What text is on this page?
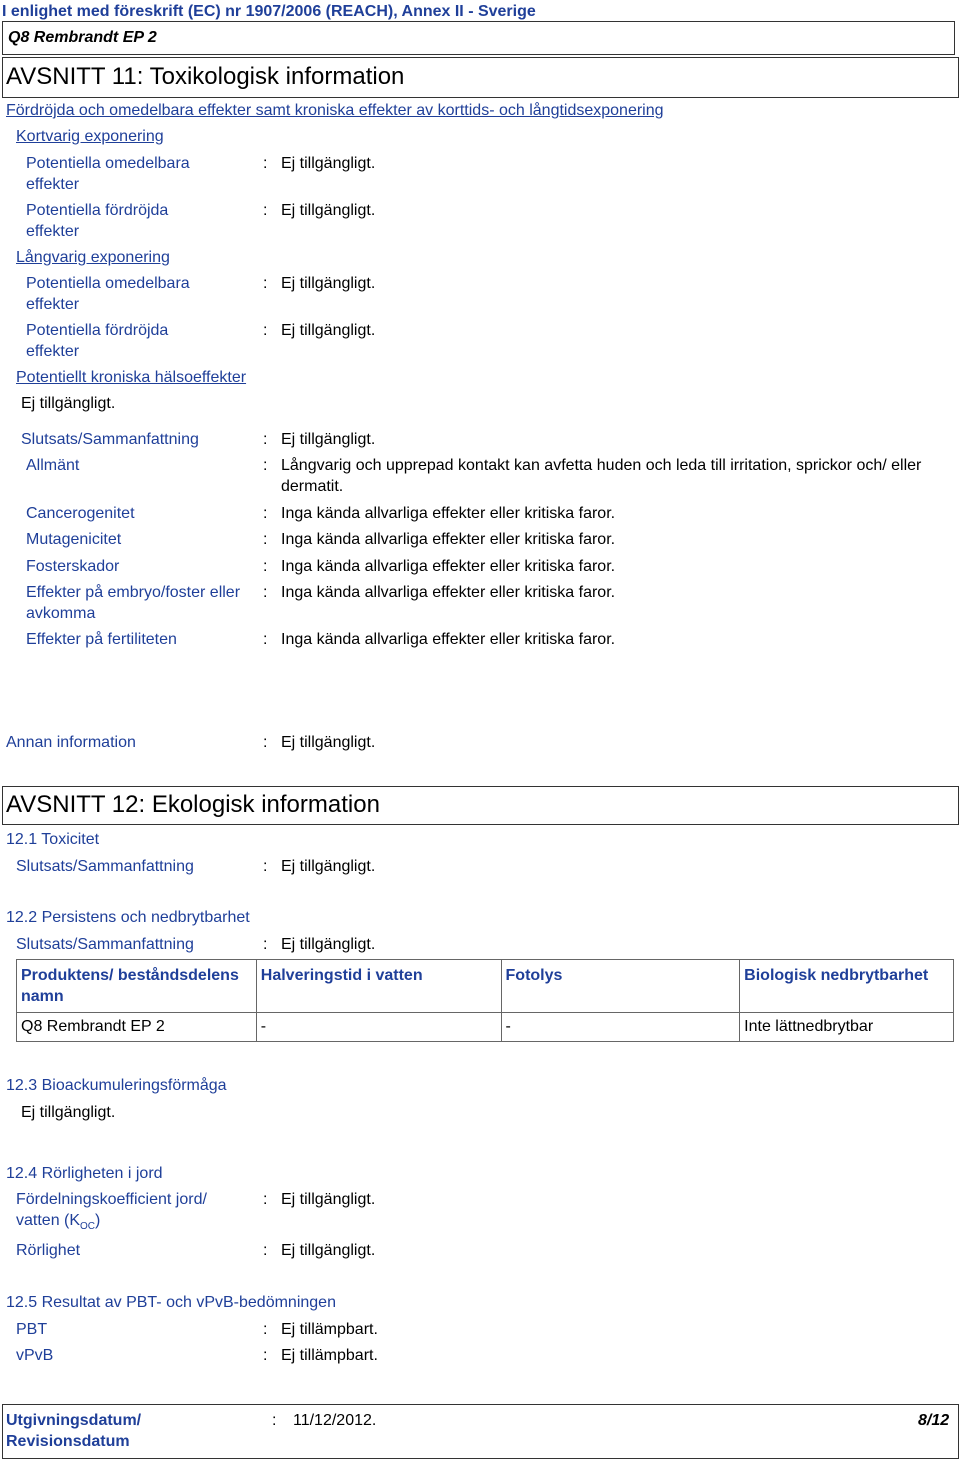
I enlighet med föreskrift (EC) nr 1907/2006 (REACH), Annex II - Sverige
Q8 Rembrandt EP 2
AVSNITT 11: Toxikologisk information
Fördröjda och omedelbara effekter samt kroniska effekter av korttids- och långtidsexponering
Kortvarig exponering
Potentiella omedelbara
effekter
: Ej tillgängligt.
Potentiella fördröjda
effekter
: Ej tillgängligt.
Långvarig exponering
Potentiella omedelbara
effekter
: Ej tillgängligt.
Potentiella fördröjda
effekter
: Ej tillgängligt.
Potentiellt kroniska hälsoeffekter
Ej tillgängligt.
Slutsats/Sammanfattning	: Ej tillgängligt.
Allmänt	: Långvarig och upprepad kontakt kan avfetta huden och leda till irritation, sprickor och/ eller dermatit.
Cancerogenitet	: Inga kända allvarliga effekter eller kritiska faror.
Mutagenicitet	: Inga kända allvarliga effekter eller kritiska faror.
Fosterskador	: Inga kända allvarliga effekter eller kritiska faror.
Effekter på embryo/foster eller avkomma
: Inga kända allvarliga effekter eller kritiska faror.
Effekter på fertiliteten	: Inga kända allvarliga effekter eller kritiska faror.
Annan information	: Ej tillgängligt.
AVSNITT 12: Ekologisk information
12.1 Toxicitet
Slutsats/Sammanfattning	: Ej tillgängligt.
12.2 Persistens och nedbrytbarhet
Slutsats/Sammanfattning	: Ej tillgängligt.
Produktens/ beståndsdelens namn	Halveringstid i vatten	Fotolys	Biologisk nedbrytbarhet
Q8 Rembrandt EP 2	-	-	Inte lättnedbrytbar
12.3 Bioackumuleringsförmåga
Ej tillgängligt.
12.4 Rörligheten i jord
Fördelningskoefficient jord/
vatten $(K_{OC})$
: Ej tillgängligt.
Rörlighet	: Ej tillgängligt.
12.5 Resultat av PBT- och vPvB-bedömningen
PBT	: Ej tillämpbart.
vPvB	: Ej tillämpbart.
Utgivningsdatum/ Revisionsdatum
: 11/12/2012.	8/12
